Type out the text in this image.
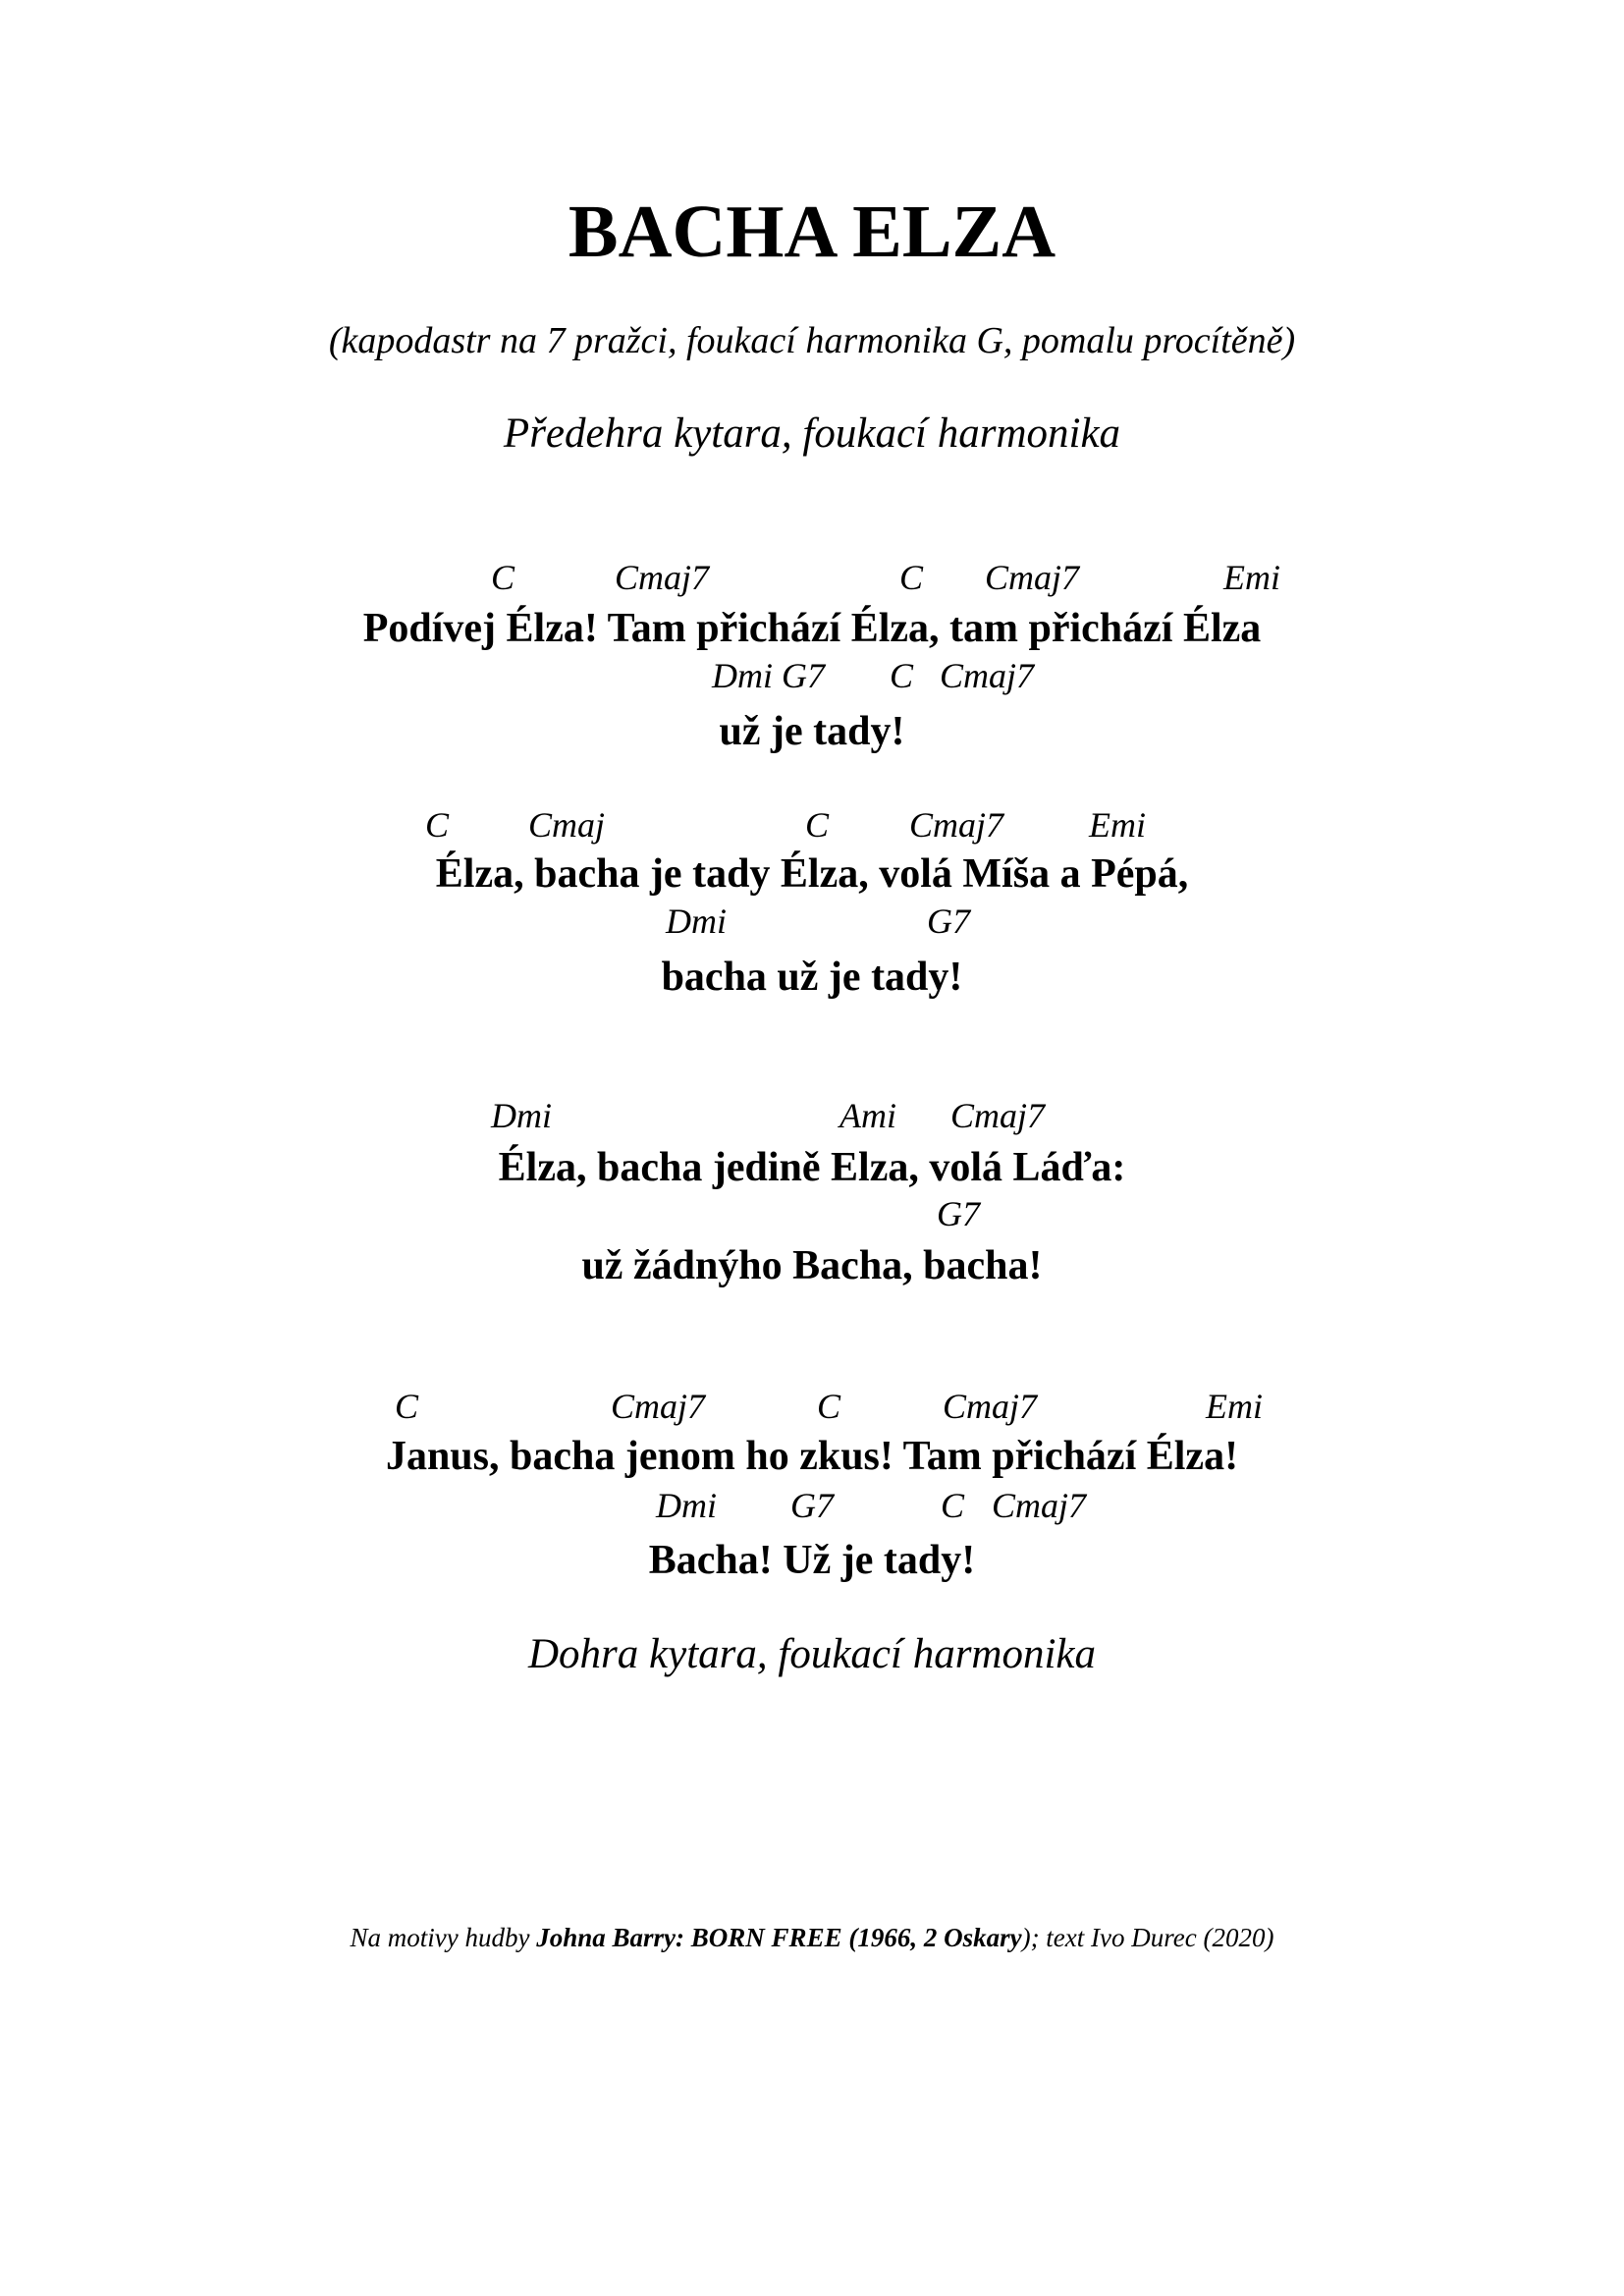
BACHA ELZA
(kapodastr na 7 pražci, foukací harmonika G, pomalu procítěně)
Předehra kytara, foukací harmonika
C	Cmaj7	C Cmaj7	Emi
Podívej Élza! Tam přichází Élza, tam přichází Élza
Dmi G7 C Cmaj7
už je tady!
C Cmaj	C Cmaj7 Emi
Élza, bacha je tady Élza, volá Míša a Pépá,
Dmi	G7
bacha už je tady!
Dmi	Ami Cmaj7
Élza, bacha jedině Elza, volá Láďa:
G7
už žádnýho Bacha, bacha!
C	Cmaj7	C	Cmaj7	Emi
Janus, bacha jenom ho zkus! Tam přichází Élza!
Dmi G7	C Cmaj7
Bacha! Už je tady!
Dohra kytara, foukací harmonika
Na motivy hudby Johna Barry: BORN FREE (1966, 2 Oskary); text Ivo Durec (2020)
